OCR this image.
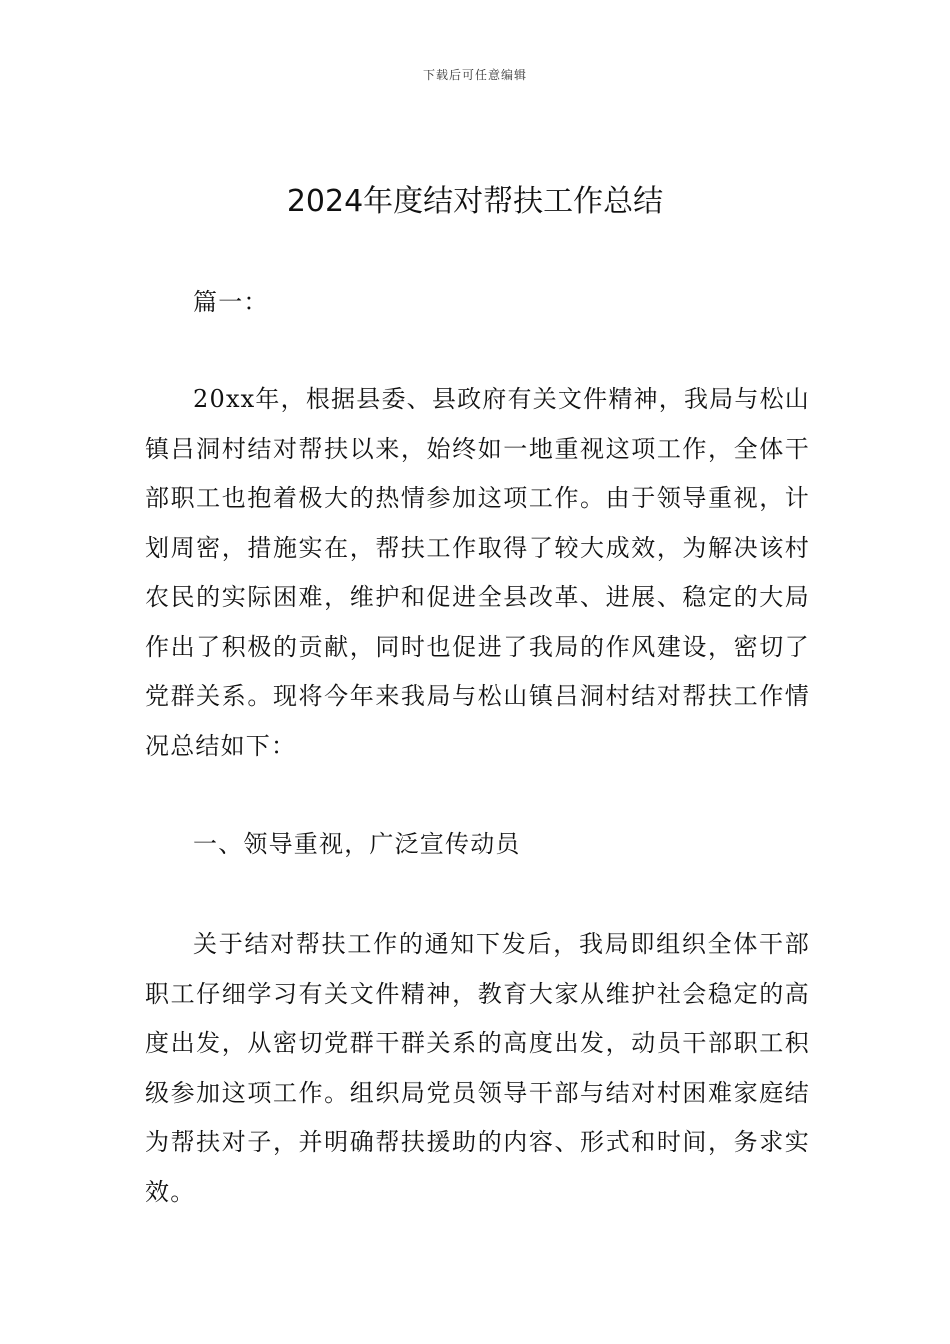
下载后可任意编辑
2024年度结对帮扶工作总结

篇一：

20xx年，根据县委、县政府有关文件精神，我局与松山镇吕洞村结对帮扶以来，始终如一地重视这项工作，全体干部职工也抱着极大的热情参加这项工作。由于领导重视，计划周密，措施实在，帮扶工作取得了较大成效，为解决该村农民的实际困难，维护和促进全县改革、进展、稳定的大局作出了积极的贡献，同时也促进了我局的作风建设，密切了党群关系。现将今年来我局与松山镇吕洞村结对帮扶工作情况总结如下：

一、领导重视，广泛宣传动员

关于结对帮扶工作的通知下发后，我局即组织全体干部职工仔细学习有关文件精神，教育大家从维护社会稳定的高度出发，从密切党群干群关系的高度出发，动员干部职工积级参加这项工作。组织局党员领导干部与结对村困难家庭结为帮扶对子，并明确帮扶援助的内容、形式和时间，务求实效。
